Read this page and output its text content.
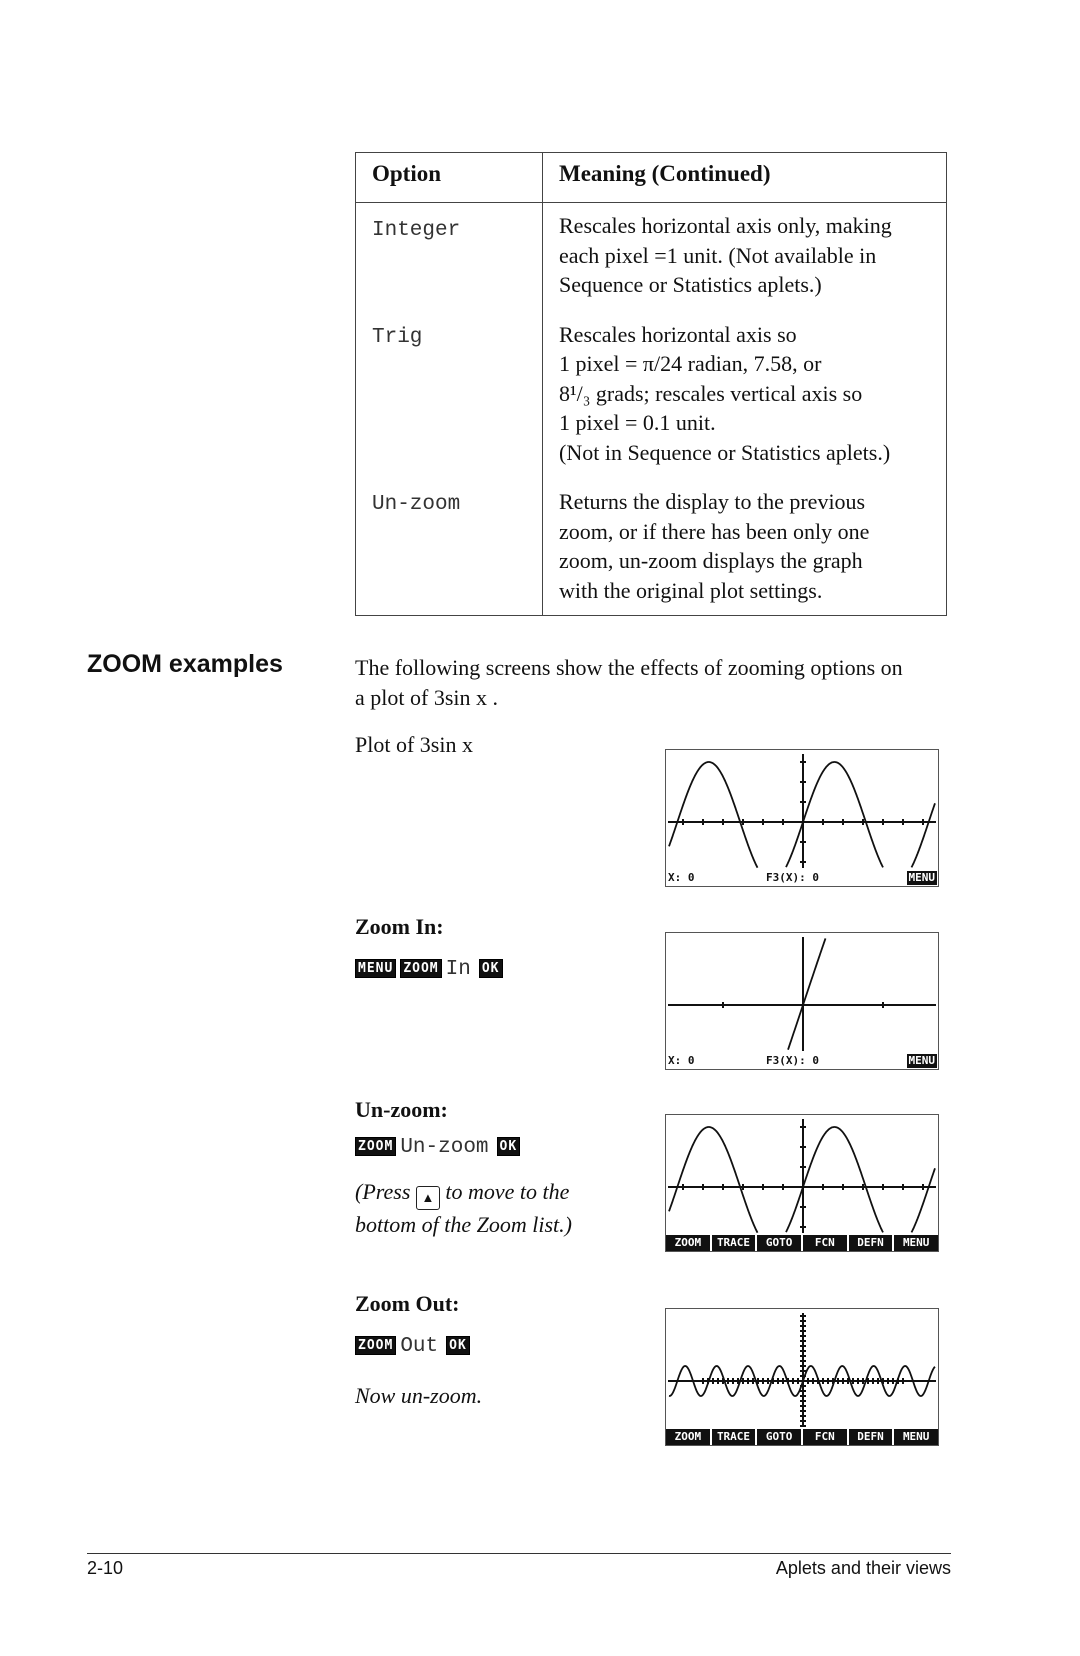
Option	Meaning (Continued)
Integer	Rescales horizontal axis only, making
each pixel =1 unit. (Not available in
Sequence or Statistics aplets.)

Trig	Rescales horizontal axis so
1 pixel = π/24 radian, 7.58, or
8¹/₃ grads; rescales vertical axis so
1 pixel = 0.1 unit.
(Not in Sequence or Statistics aplets.)

Un-zoom	Returns the display to the previous
zoom, or if there has been only one
zoom, un-zoom displays the graph
with the original plot settings.
ZOOM examples	The following screens show the effects of zooming options on
a plot of 3sin x .
Plot of 3sin x
Zoom In:
MENU ZOOM In OK
Un-zoom:
ZOOM Un-zoom OK
(Press ▲ to move to the
bottom of the Zoom list.)
Zoom Out:
ZOOM Out OK
Now un-zoom.
X: 0	F3(X): 0	MENU
X: 0	F3(X): 0	MENU
ZOOM	TRACE	GOTO	FCN	DEFN	MENU
ZOOM	TRACE	GOTO	FCN	DEFN	MENU
2-10	Aplets and their views
